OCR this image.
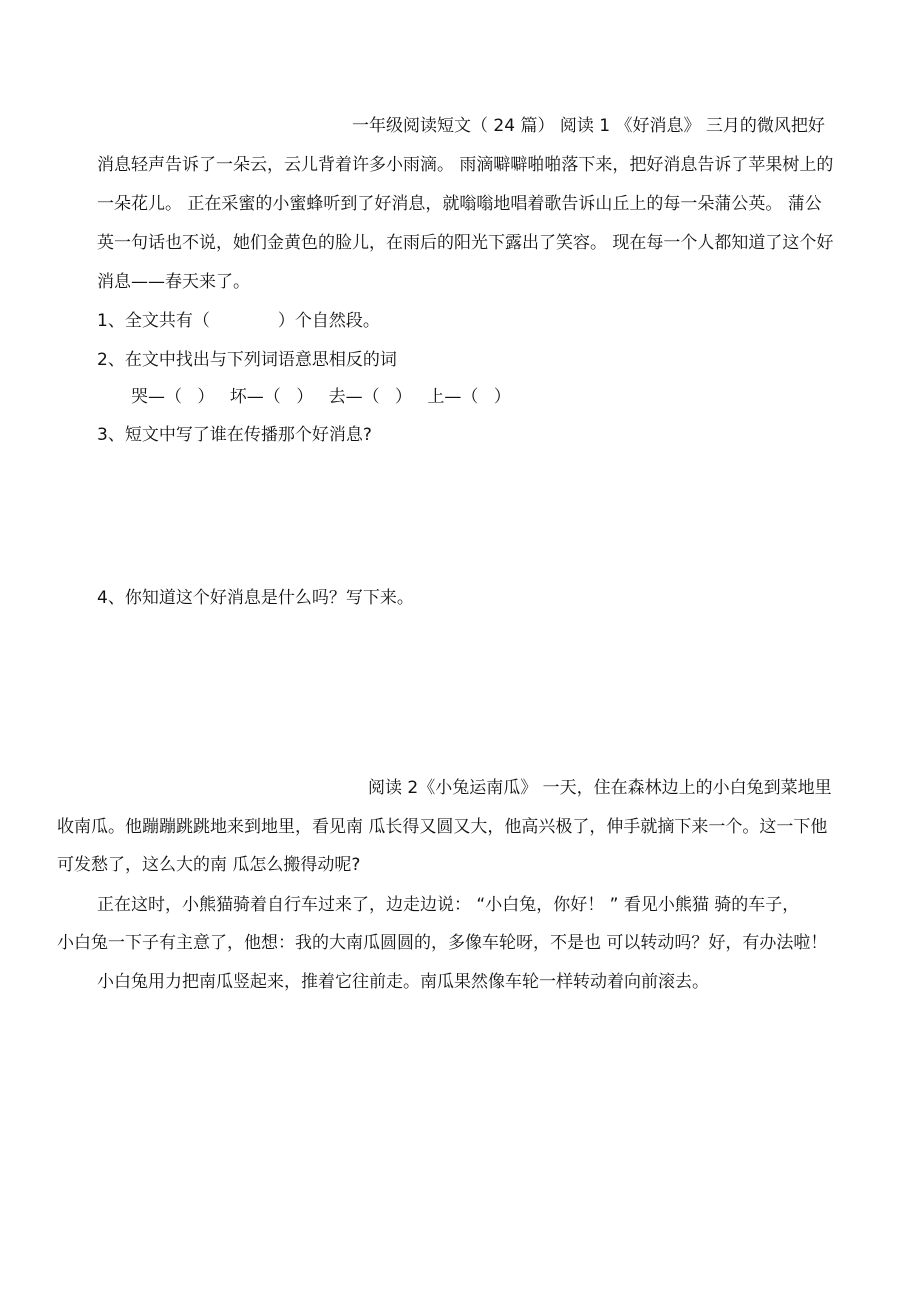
一年级阅读短文（ 24 篇） 阅读 1 《好消息》 三月的微风把好
消息轻声告诉了一朵云，云儿背着许多小雨滴。 雨滴噼噼啪啪落下来，把好消息告诉了苹果树上的
一朵花儿。 正在采蜜的小蜜蜂听到了好消息，就嗡嗡地唱着歌告诉山丘上的每一朵蒲公英。 蒲公
英一句话也不说，她们金黄色的脸儿，在雨后的阳光下露出了笑容。 现在每一个人都知道了这个好
消息——春天来了。
1、全文共有（　　　　）个自然段。
2、在文中找出与下列词语意思相反的词
哭—（ ） 坏—（ ） 去—（ ） 上—（ ）
3、短文中写了谁在传播那个好消息?
4、你知道这个好消息是什么吗？写下来。
阅读 2《小兔运南瓜》 一天，住在森林边上的小白兔到菜地里
收南瓜。他蹦蹦跳跳地来到地里，看见南 瓜长得又圆又大，他高兴极了，伸手就摘下来一个。这一下他
可发愁了，这么大的南 瓜怎么搬得动呢?
正在这时，小熊猫骑着自行车过来了，边走边说： “小白兔，你好！ ” 看见小熊猫 骑的车子，
小白兔一下子有主意了，他想：我的大南瓜圆圆的，多像车轮呀，不是也 可以转动吗？好，有办法啦！
小白兔用力把南瓜竖起来，推着它往前走。南瓜果然像车轮一样转动着向前滚去。
